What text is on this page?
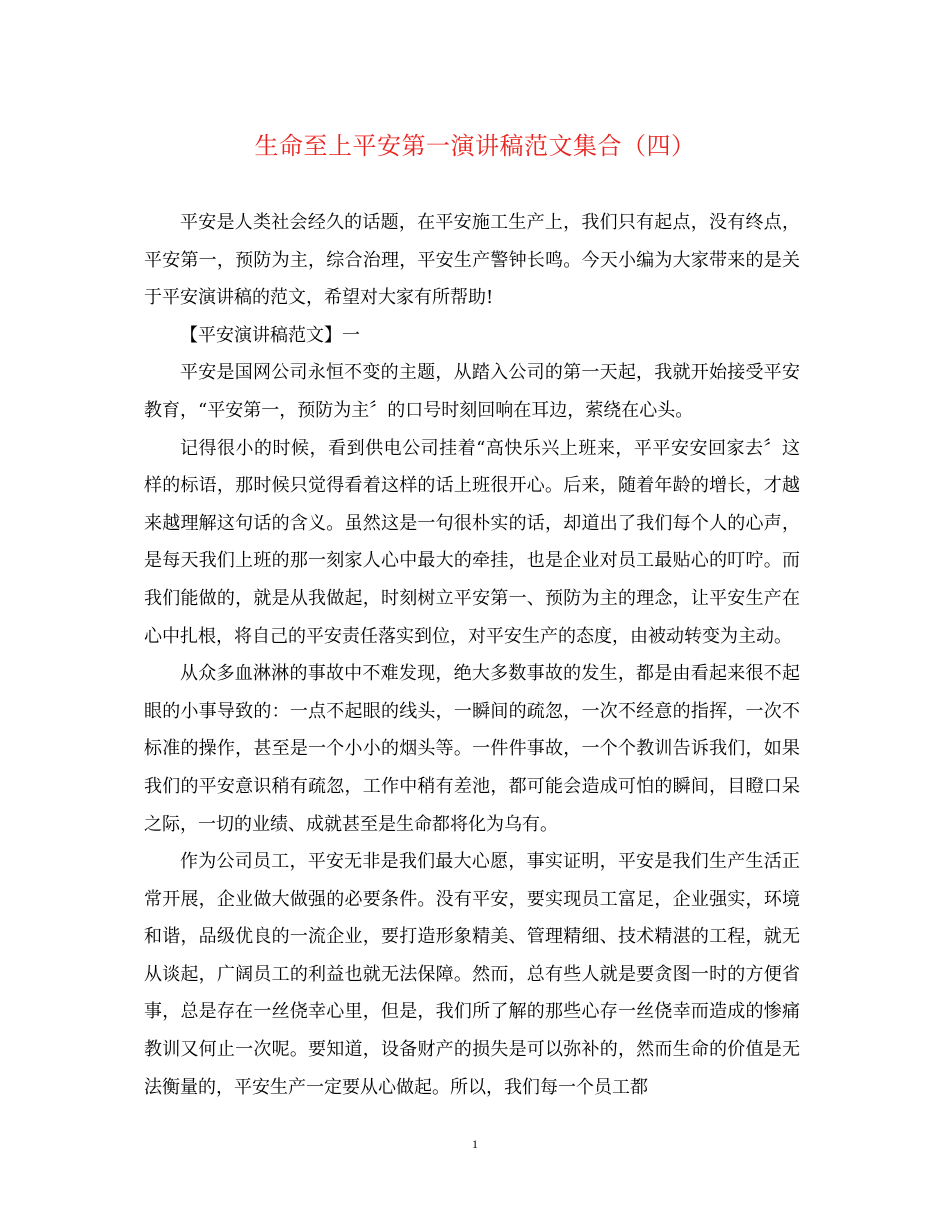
生命至上平安第一演讲稿范文集合（四）

平安是人类社会经久的话题，在平安施工生产上，我们只有起点，没有终点，平安第一，预防为主，综合治理，平安生产警钟长鸣。今天小编为大家带来的是关于平安演讲稿的范文，希望对大家有所帮助!

【平安演讲稿范文】一

平安是国网公司永恒不变的主题，从踏入公司的第一天起，我就开始接受平安教育，“平安第一，预防为主〞的口号时刻回响在耳边，萦绕在心头。

记得很小的时候，看到供电公司挂着“高快乐兴上班来，平平安安回家去〞这样的标语，那时候只觉得看着这样的话上班很开心。后来，随着年龄的增长，才越来越理解这句话的含义。虽然这是一句很朴实的话，却道出了我们每个人的心声，是每天我们上班的那一刻家人心中最大的牵挂，也是企业对员工最贴心的叮咛。而我们能做的，就是从我做起，时刻树立平安第一、预防为主的理念，让平安生产在心中扎根，将自己的平安责任落实到位，对平安生产的态度，由被动转变为主动。

从众多血淋淋的事故中不难发现，绝大多数事故的发生，都是由看起来很不起眼的小事导致的：一点不起眼的线头，一瞬间的疏忽，一次不经意的指挥，一次不标准的操作，甚至是一个小小的烟头等。一件件事故，一个个教训告诉我们，如果我们的平安意识稍有疏忽，工作中稍有差池，都可能会造成可怕的瞬间，目瞪口呆之际，一切的业绩、成就甚至是生命都将化为乌有。

作为公司员工，平安无非是我们最大心愿，事实证明，平安是我们生产生活正常开展，企业做大做强的必要条件。没有平安，要实现员工富足，企业强实，环境和谐，品级优良的一流企业，要打造形象精美、管理精细、技术精湛的工程，就无从谈起，广阔员工的利益也就无法保障。然而，总有些人就是要贪图一时的方便省事，总是存在一丝侥幸心里，但是，我们所了解的那些心存一丝侥幸而造成的惨痛教训又何止一次呢。要知道，设备财产的损失是可以弥补的，然而生命的价值是无法衡量的，平安生产一定要从心做起。所以，我们每一个员工都

1
